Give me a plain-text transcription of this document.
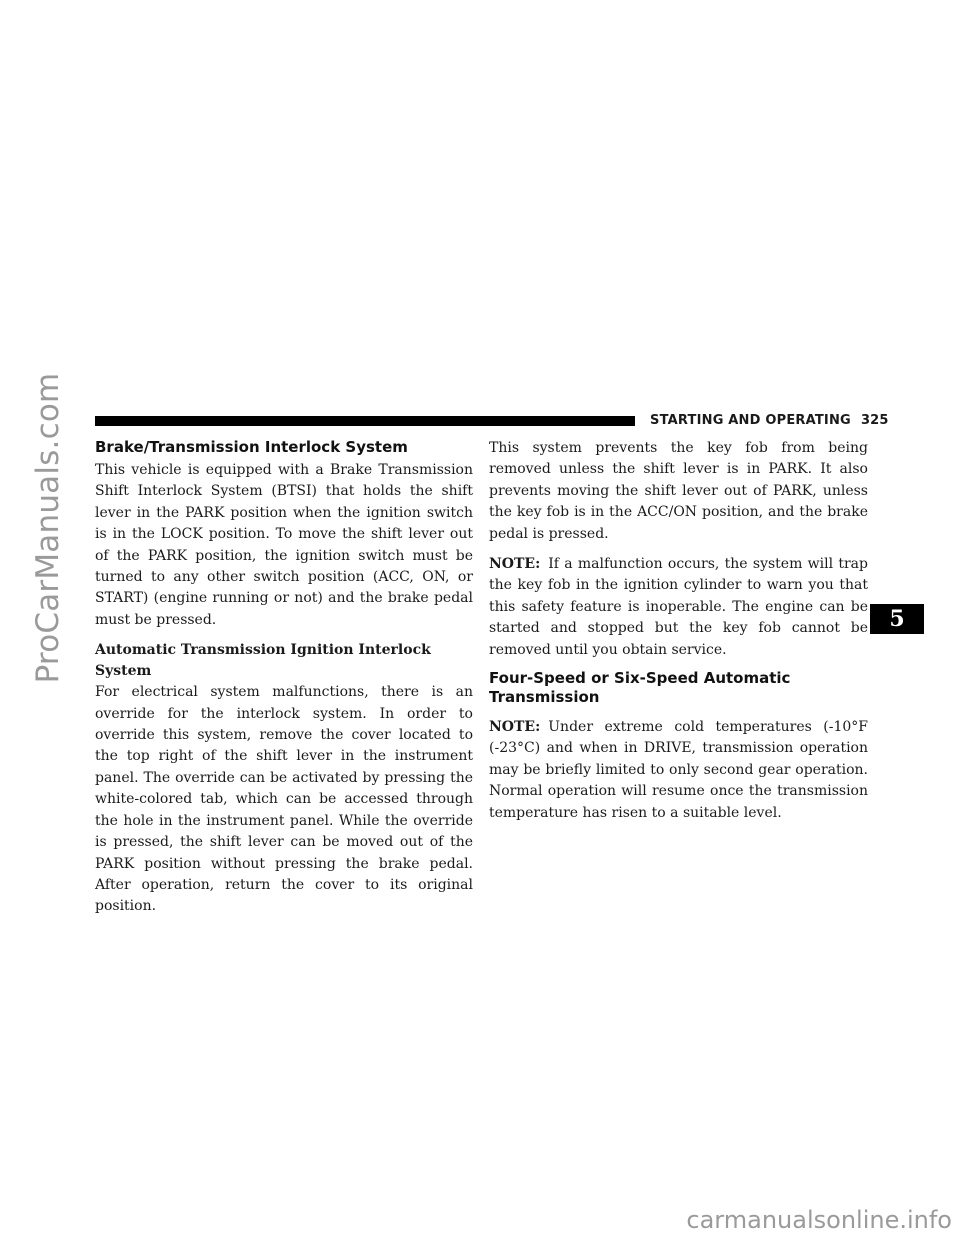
ProCarManuals.com	STARTING AND OPERATING 325
Brake/Transmission Interlock System

This vehicle is equipped with a Brake Transmission Shift Interlock System (BTSI) that holds the shift lever in the PARK position when the ignition switch is in the LOCK position. To move the shift lever out of the PARK position, the ignition switch must be turned to any other switch position (ACC, ON, or START) (engine running or not) and the brake pedal must be pressed.

Automatic Transmission Ignition Interlock System

For electrical system malfunctions, there is an override for the interlock system. In order to override this system, remove the cover located to the top right of the shift lever in the instrument panel. The override can be activated by pressing the white-colored tab, which can be accessed through the hole in the instrument panel. While the override is pressed, the shift lever can be moved out of the PARK position without pressing the brake pedal. After operation, return the cover to its original position.

This system prevents the key fob from being removed unless the shift lever is in PARK. It also prevents moving the shift lever out of PARK, unless the key fob is in the ACC/ON position, and the brake pedal is pressed.

NOTE: If a malfunction occurs, the system will trap the key fob in the ignition cylinder to warn you that this safety feature is inoperable. The engine can be started and stopped but the key fob cannot be removed until you obtain service.

Four-Speed or Six-Speed Automatic Transmission

NOTE: Under extreme cold temperatures (-10°F (-23°C) and when in DRIVE, transmission operation may be briefly limited to only second gear operation. Normal operation will resume once the transmission temperature has risen to a suitable level.

5
carmanualsonline.info
